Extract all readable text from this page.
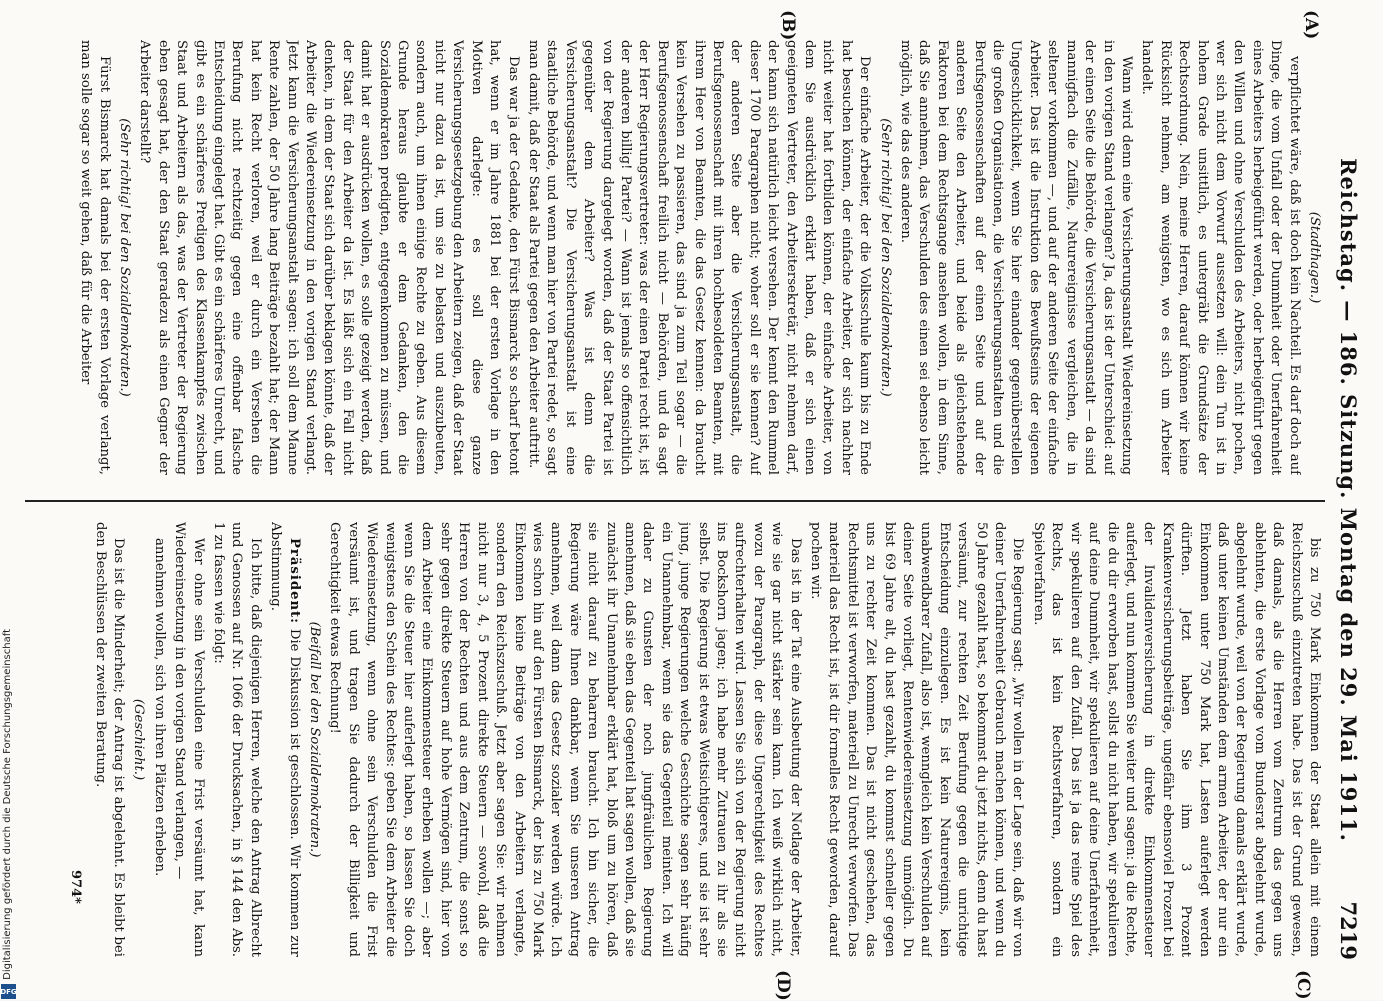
Reichstag. — 186. Sitzung. Montag den 29. Mai 1911.
7219
(A)
(B)
(C)
(D)

(Stadthagen.)

verpflichtet wäre, daß ist doch kein Nachteil. Es darf doch auf Dinge, die vom Unfall oder der Dummheit oder Unerfahrenheit eines Arbeiters herbeigeführt werden, oder herbeigeführt gegen den Willen und ohne Verschulden des Arbeiters, nicht pochen, wer sich nicht dem Vorwurf aussetzen will: dein Tun ist in hohem Grade unsittlich, es untergräbt die Grundsätze der Rechtsordnung. Nein, meine Herren, darauf können wir keine Rücksicht nehmen, am wenigsten, wo es sich um Arbeiter handelt.

Wann wird denn eine Versicherungsanstalt Wiedereinsetzung in den vorigen Stand verlangen? Ja, das ist der Unterschied: auf der einen Seite die Behörde, die Versicherungsanstalt — da sind mannigfach die Zufälle, Naturereignisse vergleichen, die in seltener vorkommen —, und auf der anderen Seite der einfache Arbeiter. Das ist die Instruktion des Bewußtseins der eigenen Ungeschicklichkeit, wenn Sie hier einander gegenüberstellen die großen Organisationen, die Versicherungsanstalten und die Berufsgenossenschaften auf der einen Seite und auf der anderen Seite den Arbeiter, und beide als gleichstehende Faktoren bei dem Rechtsgange ansehen wollen, in dem Sinne, daß Sie annehmen, das Verschulden des einen sei ebenso leicht möglich, wie das des anderen.

(Sehr richtig! bei den Sozialdemokraten.)

Der einfache Arbeiter, der die Volksschule kaum bis zu Ende hat besuchen können, der einfache Arbeiter, der sich nachher nicht weiter hat fortbilden können, der einfache Arbeiter, von dem Sie ausdrücklich erklärt haben, daß er sich einen geeigneten Vertreter, den Arbeitersekretär, nicht nehmen darf, der kann sich natürlich leicht versehen. Der kennt den Rummel dieser 1700 Paragraphen nicht; woher soll er sie kennen? Auf der anderen Seite aber die Versicherungsanstalt, die Berufsgenossenschaft mit ihren hochbesoldeten Beamten, mit ihrem Heer von Beamten, die das Gesetz kennen: da braucht kein Versehen zu passieren, das sind ja zum Teil sogar — die Berufsgenossenschaft freilich nicht — Behörden, und da sagt der Herr Regierungsvertreter: was der einen Partei recht ist, ist der anderen billig! Partei? — Wann ist jemals so offensichtlich von der Regierung dargelegt worden, daß der Staat Partei ist gegenüber dem Arbeiter? Was ist denn die Versicherungsanstalt? Die Versicherungsanstalt ist eine staatliche Behörde, und wenn man hier von Partei redet, so sagt man damit, daß der Staat als Partei gegen den Arbeiter auftritt.

Das war ja der Gedanke, den Fürst Bismarck so scharf betont hat, wenn er im Jahre 1881 bei der ersten Vorlage in den Motiven darlegte: es soll diese ganze Versicherungsgesetzgebung den Arbeitern zeigen, daß der Staat nicht nur dazu da ist, um sie zu belasten und auszubeuten, sondern auch, um ihnen einige Rechte zu geben. Aus diesem Grunde heraus glaubte er dem Gedanken, den die Sozialdemokraten predigten, entgegenkommen zu müssen, und damit hat er ausdrücken wollen, es solle gezeigt werden, daß der Staat für den Arbeiter da ist. Es läßt sich ein Fall nicht denken, in dem der Staat sich darüber beklagen könnte, daß der Arbeiter die Wiedereinsetzung in den vorigen Stand verlangt. Jetzt kann die Versicherungsanstalt sagen: ich soll dem Manne Rente zahlen, der 50 Jahre lang Beiträge bezahlt hat; der Mann hat kein Recht verloren, weil er durch ein Versehen die Berufung nicht rechtzeitig gegen eine offenbar falsche Entscheidung eingelegt hat. Gibt es ein schärferes Unrecht, und gibt es ein schärferes Predigen des Klassenkampfes zwischen Staat und Arbeitern als das, was der Vertreter der Regierung eben gesagt hat, der den Staat geradezu als einen Gegner der Arbeiter darstellt?

(Sehr richtig! bei den Sozialdemokraten.)

Fürst Bismarck hat damals bei der ersten Vorlage verlangt, man solle sogar so weit gehen, daß für die Arbeiter

bis zu 750 Mark Einkommen der Staat allein mit einem Reichszuschuß einzutreten habe. Das ist der Grund gewesen, daß damals, als die Herren vom Zentrum das gegen uns ablehnten, die erste Vorlage vom Bundesrat abgelehnt wurde, abgelehnt wurde, weil von der Regierung damals erklärt wurde, daß unter keinen Umständen dem armen Arbeiter, der nur ein Einkommen unter 750 Mark hat, Lasten auferlegt werden dürften. Jetzt haben Sie ihm 3 Prozent Krankenversicherungsbeiträge, ungefähr ebensoviel Prozent bei der Invalidenversicherung in direkte Einkommensteuer auferlegt, und nun kommen Sie weiter und sagen: ja die Rechte, die du dir erworben hast, sollst du nicht haben, wir spekulieren auf deine Dummheit, wir spekulieren auf deine Unerfahrenheit, wir spekulieren auf den Zufall. Das ist ja das reine Spiel des Rechts, das ist kein Rechtsverfahren, sondern ein Spielverfahren.

Die Regierung sagt: „Wir wollen in der Lage sein, daß wir von deiner Unerfahrenheit Gebrauch machen können, und wenn du 50 Jahre gezahlt hast, so bekommst du jetzt nichts, denn du hast versäumt, zur rechten Zeit Berufung gegen die unrichtige Entscheidung einzulegen. Es ist kein Naturereignis, kein unabwendbarer Zufall, also ist, wenngleich kein Verschulden auf deiner Seite vorliegt, Rentenwiedereinsetzung unmöglich. Du bist 69 Jahre alt, du hast gezahlt, du kommst schneller gegen uns zu rechter Zeit kommen. Das ist nicht geschehen, das Rechtsmittel ist verworfen, materiell zu Unrecht verworfen. Das materiell das Recht ist, ist dir formelles Recht geworden, darauf pochen wir.

Das ist in der Tat eine Ausbeutung der Notlage der Arbeiter, wie sie gar nicht stärker sein kann. Ich weiß wirklich nicht, wozu der Paragraph, der diese Ungerechtigkeit des Rechtes aufrechterhalten wird. Lassen Sie sich von der Regierung nicht ins Bockshorn jagen; ich habe mehr Zutrauen zu ihr als sie selbst. Die Regierung ist etwas Weitsichtigeres, und sie ist sehr jung, junge Regierungen welche Geschichte sagen sehr häufig ein Unannehmbar, wenn sie das Gegenteil meinten. Ich will daher zu Gunsten der noch jungfräulichen Regierung annehmen, daß sie eben das Gegenteil hat sagen wollen, daß sie zunächst ihr Unannehmbar erklärt hat, bloß um zu hören, daß sie nicht darauf zu beharren braucht. Ich bin sicher, die Regierung wäre Ihnen dankbar, wenn Sie unseren Antrag annehmen, weil dann das Gesetz sozialer werden würde. Ich wies schon hin auf den Fürsten Bismarck, der bis zu 750 Mark Einkommen keine Beiträge von den Arbeitern verlangte, sondern den Reichszuschuß. Jetzt aber sagen Sie: wir nehmen nicht nur 3, 4, 5 Prozent direkte Steuern — sowohl, daß die Herren von der Rechten und aus dem Zentrum, die sonst so sehr gegen direkte Steuern auf hohe Vermögen sind, hier von dem Arbeiter eine Einkommensteuer erheben wollen —; aber wenn Sie die Steuer hier auferlegt haben, so lassen Sie doch wenigstens den Schein des Rechtes: geben Sie dem Arbeiter die Wiedereinsetzung, wenn ohne sein Verschulden die Frist versäumt ist, und tragen Sie dadurch der Billigkeit und Gerechtigkeit etwas Rechnung!

(Beifall bei den Sozialdemokraten.)

Präsident: Die Diskussion ist geschlossen. Wir kommen zur Abstimmung.

Ich bitte, daß diejenigen Herren, welche den Antrag Albrecht und Genossen auf Nr. 1066 der Drucksachen, in § 144 den Abs. 1 zu fassen wie folgt:

Wer ohne sein Verschulden eine Frist versäumt hat, kann Wiedereinsetzung in den vorigen Stand verlangen, —

annehmen wollen, sich von ihren Plätzen erheben.

(Geschieht.)

Das ist die Minderheit; der Antrag ist abgelehnt. Es bleibt bei den Beschlüssen der zweiten Beratung.

974*
Digitalisierung gefördert durch die Deutsche Forschungsgemeinschaft
DFG
